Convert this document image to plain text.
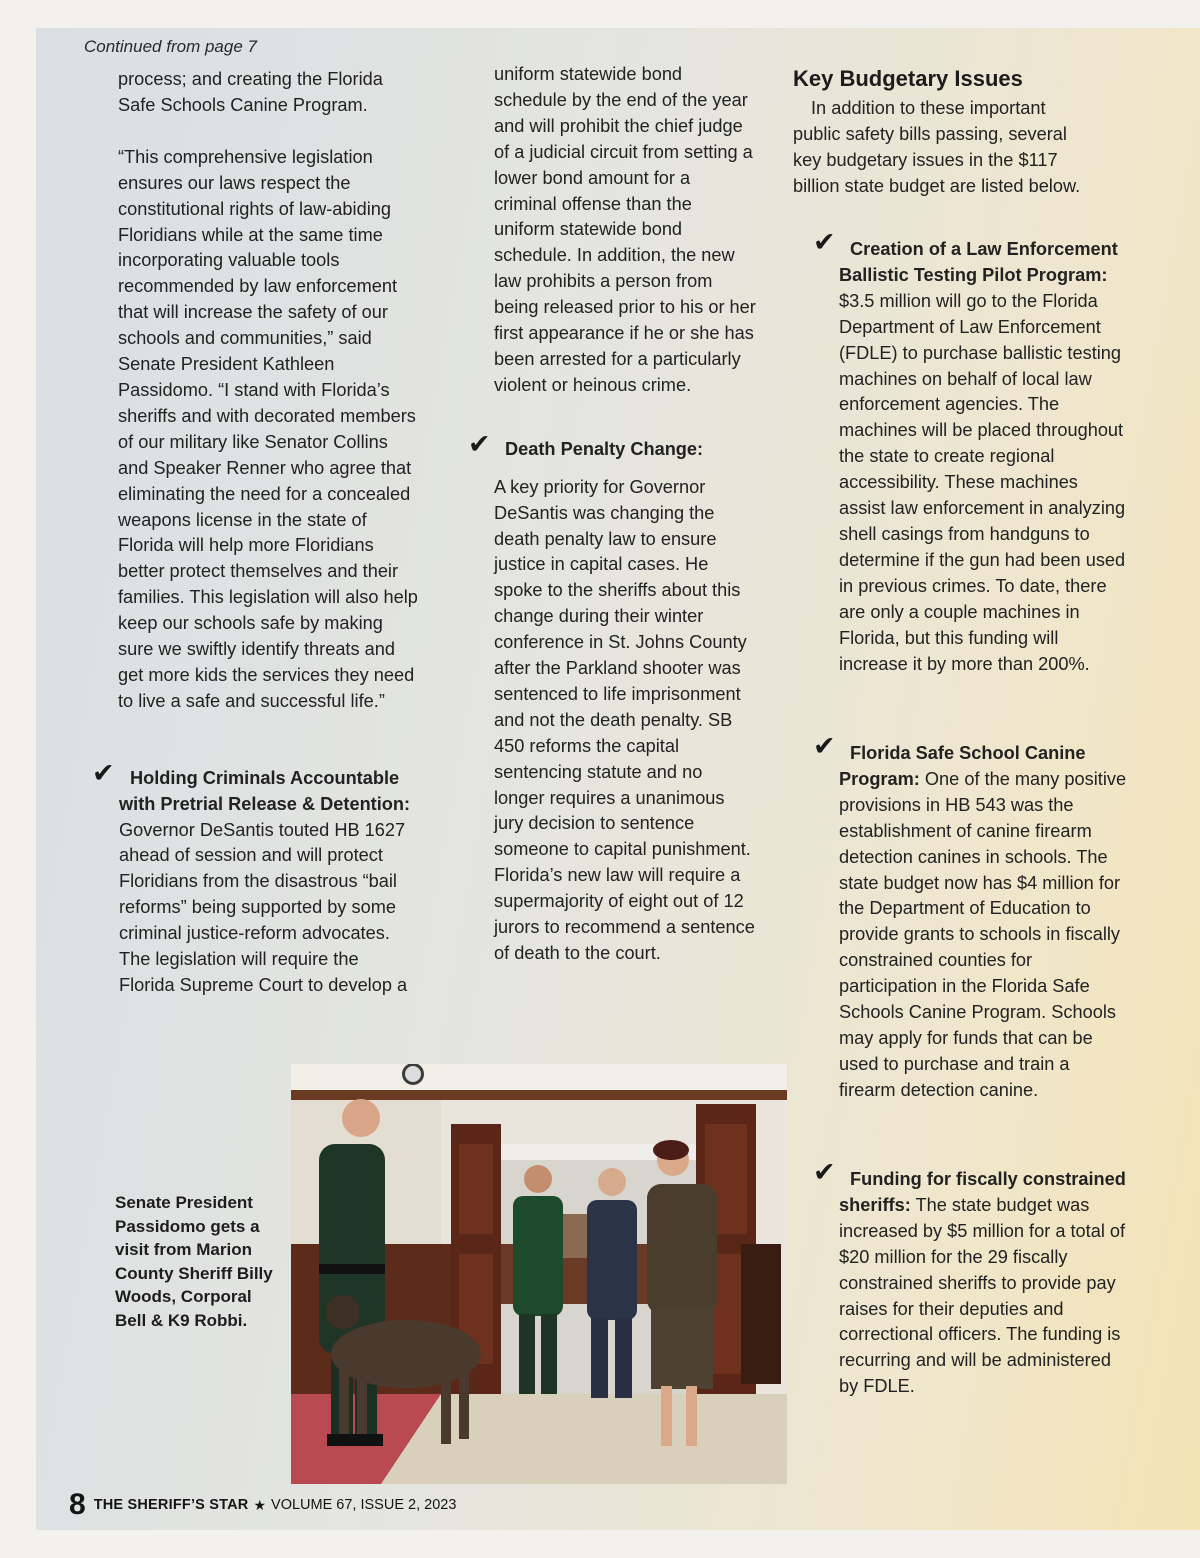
Continued from page 7

process; and creating the Florida Safe Schools Canine Program.

“This comprehensive legislation ensures our laws respect the constitutional rights of law-abiding Floridians while at the same time incorporating valuable tools recommended by law enforcement that will increase the safety of our schools and communities,” said Senate President Kathleen Passidomo. “I stand with Florida’s sheriffs and with decorated members of our military like Senator Collins and Speaker Renner who agree that eliminating the need for a concealed weapons license in the state of Florida will help more Floridians better protect themselves and their families. This legislation will also help keep our schools safe by making sure we swiftly identify threats and get more kids the services they need to live a safe and successful life.”

✔ Holding Criminals Accountable with Pretrial Release & Detention: Governor DeSantis touted HB 1627 ahead of session and will protect Floridians from the disastrous “bail reforms” being supported by some criminal justice-reform advocates. The legislation will require the Florida Supreme Court to develop a

uniform statewide bond schedule by the end of the year and will prohibit the chief judge of a judicial circuit from setting a lower bond amount for a criminal offense than the uniform statewide bond schedule. In addition, the new law prohibits a person from being released prior to his or her first appearance if he or she has been arrested for a particularly violent or heinous crime.

✔ Death Penalty Change:

A key priority for Governor DeSantis was changing the death penalty law to ensure justice in capital cases. He spoke to the sheriffs about this change during their winter conference in St. Johns County after the Parkland shooter was sentenced to life imprisonment and not the death penalty. SB 450 reforms the capital sentencing statute and no longer requires a unanimous jury decision to sentence someone to capital punishment. Florida’s new law will require a supermajority of eight out of 12 jurors to recommend a sentence of death to the court.

Key Budgetary Issues

In addition to these important public safety bills passing, several key budgetary issues in the $117 billion state budget are listed below.

✔ Creation of a Law Enforcement Ballistic Testing Pilot Program: $3.5 million will go to the Florida Department of Law Enforcement (FDLE) to purchase ballistic testing machines on behalf of local law enforcement agencies. The machines will be placed throughout the state to create regional accessibility. These machines assist law enforcement in analyzing shell casings from handguns to determine if the gun had been used in previous crimes. To date, there are only a couple machines in Florida, but this funding will increase it by more than 200%.

✔ Florida Safe School Canine Program: One of the many positive provisions in HB 543 was the establishment of canine firearm detection canines in schools. The state budget now has $4 million for the Department of Education to provide grants to schools in fiscally constrained counties for participation in the Florida Safe Schools Canine Program. Schools may apply for funds that can be used to purchase and train a firearm detection canine.

✔ Funding for fiscally constrained sheriffs: The state budget was increased by $5 million for a total of $20 million for the 29 fiscally constrained sheriffs to provide pay raises for their deputies and correctional officers. The funding is recurring and will be administered by FDLE.

Senate President Passidomo gets a visit from Marion County Sheriff Billy Woods, Corporal Bell & K9 Robbi.
8 THE SHERIFF’S STAR ★ VOLUME 67, ISSUE 2, 2023
